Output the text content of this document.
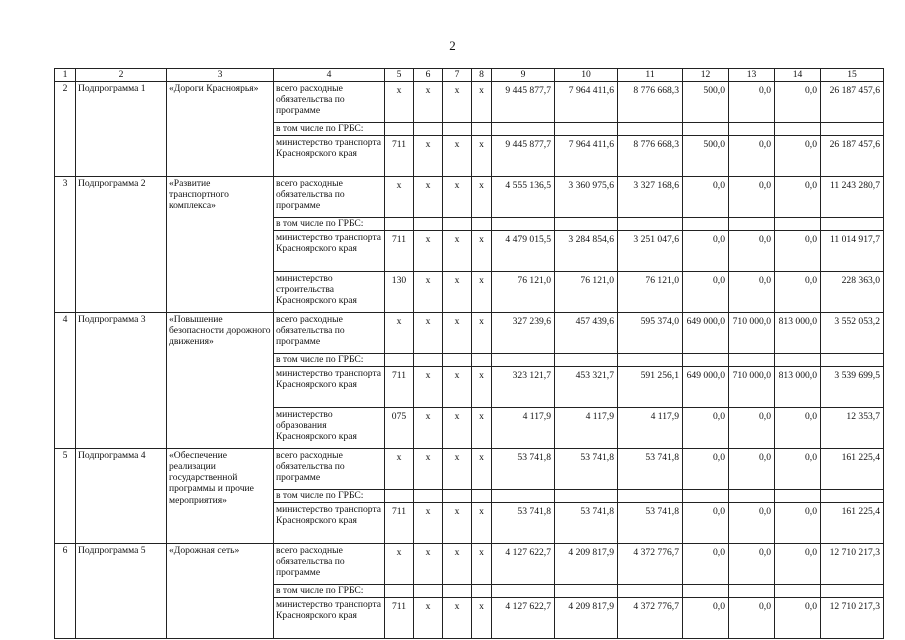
2
1	2	3	4	5	6	7	8	9	10	11	12	13	14	15
2	Подпрограмма 1	«Дороги Красноярья»	всего расходные обязательства по программе	х	х	х	х	9 445 877,7	7 964 411,6	8 776 668,3	500,0	0,0	0,0	26 187 457,6
			в том числе по ГРБС:											
			министерство транспорта Красноярского края	711	х	х	х	9 445 877,7	7 964 411,6	8 776 668,3	500,0	0,0	0,0	26 187 457,6
3	Подпрограмма 2	«Развитие транспортного комплекса»	всего расходные обязательства по программе	х	х	х	х	4 555 136,5	3 360 975,6	3 327 168,6	0,0	0,0	0,0	11 243 280,7
			в том числе по ГРБС:											
			министерство транспорта Красноярского края	711	х	х	х	4 479 015,5	3 284 854,6	3 251 047,6	0,0	0,0	0,0	11 014 917,7
			министерство строительства Красноярского края	130	х	х	х	76 121,0	76 121,0	76 121,0	0,0	0,0	0,0	228 363,0
4	Подпрограмма 3	«Повышение безопасности дорожного движения»	всего расходные обязательства по программе	х	х	х	х	327 239,6	457 439,6	595 374,0	649 000,0	710 000,0	813 000,0	3 552 053,2
			в том числе по ГРБС:											
			министерство транспорта Красноярского края	711	х	х	х	323 121,7	453 321,7	591 256,1	649 000,0	710 000,0	813 000,0	3 539 699,5
			министерство образования Красноярского края	075	х	х	х	4 117,9	4 117,9	4 117,9	0,0	0,0	0,0	12 353,7
5	Подпрограмма 4	«Обеспечение реализации государственной программы и прочие мероприятия»	всего расходные обязательства по программе	х	х	х	х	53 741,8	53 741,8	53 741,8	0,0	0,0	0,0	161 225,4
			в том числе по ГРБС:											
			министерство транспорта Красноярского края	711	х	х	х	53 741,8	53 741,8	53 741,8	0,0	0,0	0,0	161 225,4
6	Подпрограмма 5	«Дорожная сеть»	всего расходные обязательства по программе	х	х	х	х	4 127 622,7	4 209 817,9	4 372 776,7	0,0	0,0	0,0	12 710 217,3
			в том числе по ГРБС:											
			министерство транспорта Красноярского края	711	х	х	х	4 127 622,7	4 209 817,9	4 372 776,7	0,0	0,0	0,0	12 710 217,3
